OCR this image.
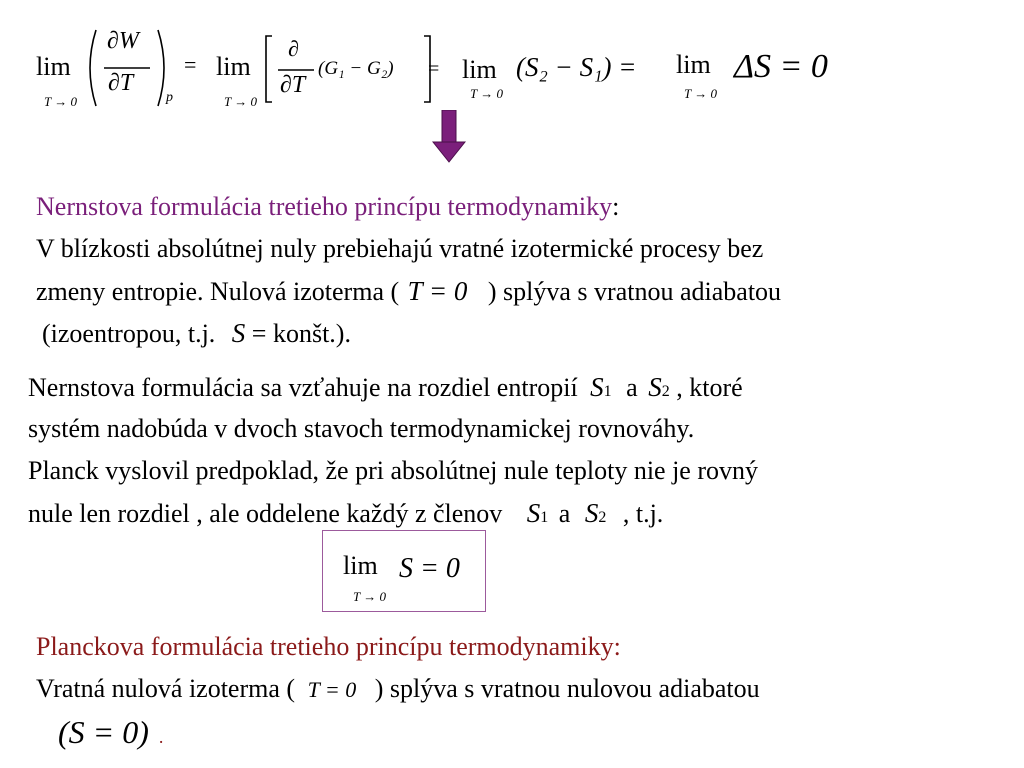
lim
T → 0
∂W
∂T
p
= lim
T → 0
∂
∂T
(G₁ − G₂) = lim
T → 0
(S₂ − S₁) = lim
T → 0
ΔS = 0
Nernstova formulácia tretieho princípu termodynamiky:
V blízkosti absolútnej nuly prebiehajú vratné izotermické procesy bez
zmeny entropie. Nulová izoterma ( T = 0 ) splýva s vratnou adiabatou
(izoentropou, t.j. S = konšt.).
Nernstova formulácia sa vzťahuje na rozdiel entropií S1 a S2 , ktoré
systém nadobúda v dvoch stavoch termodynamickej rovnováhy.
Planck vyslovil predpoklad, že pri absolútnej nule teploty nie je rovný
nule len rozdiel , ale oddelene každý z členov S1 a S2 , t.j.
lim
T → 0
S = 0
Planckova formulácia tretieho princípu termodynamiky:
Vratná nulová izoterma ( T = 0 ) splýva s vratnou nulovou adiabatou
(S = 0) .
